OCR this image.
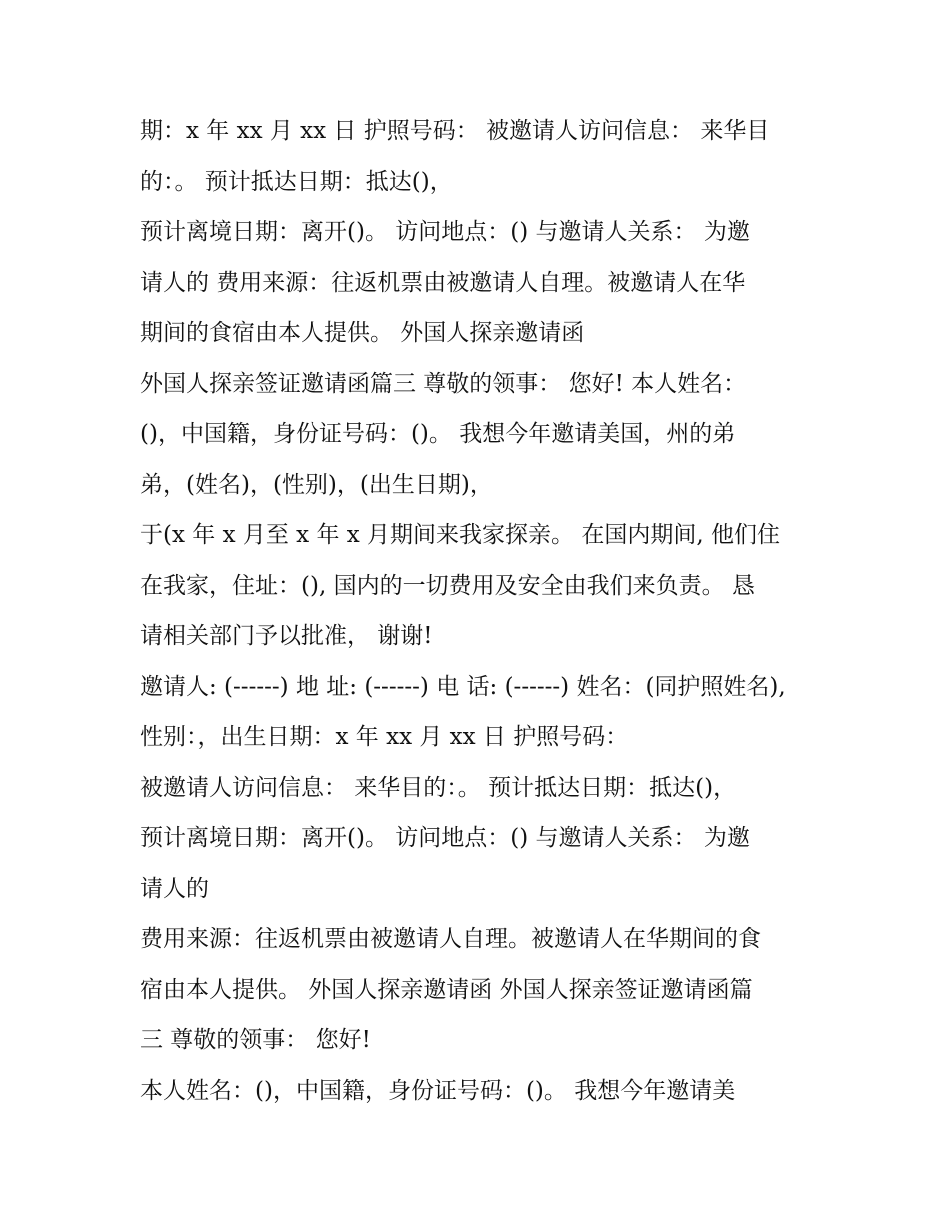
期：x 年 xx 月 xx 日 护照号码： 被邀请人访问信息： 来华目
的：。 预计抵达日期：抵达()，
预计离境日期：离开()。 访问地点：() 与邀请人关系： 为邀
请人的 费用来源：往返机票由被邀请人自理。被邀请人在华
期间的食宿由本人提供。 外国人探亲邀请函
外国人探亲签证邀请函篇三 尊敬的领事： 您好! 本人姓名：
()，中国籍，身份证号码：()。 我想今年邀请美国，州的弟
弟，(姓名)，(性别)，(出生日期)，
于(x 年 x 月至 x 年 x 月期间来我家探亲。 在国内期间, 他们住
在我家，住址：(), 国内的一切费用及安全由我们来负责。 恳
请相关部门予以批准， 谢谢!
邀请人: (------) 地 址: (------) 电 话: (------) 姓名：(同护照姓名),
性别：，出生日期：x 年 xx 月 xx 日 护照号码：
被邀请人访问信息： 来华目的：。 预计抵达日期：抵达()，
预计离境日期：离开()。 访问地点：() 与邀请人关系： 为邀
请人的
费用来源：往返机票由被邀请人自理。被邀请人在华期间的食
宿由本人提供。 外国人探亲邀请函 外国人探亲签证邀请函篇
三 尊敬的领事： 您好!
本人姓名：()，中国籍，身份证号码：()。 我想今年邀请美
